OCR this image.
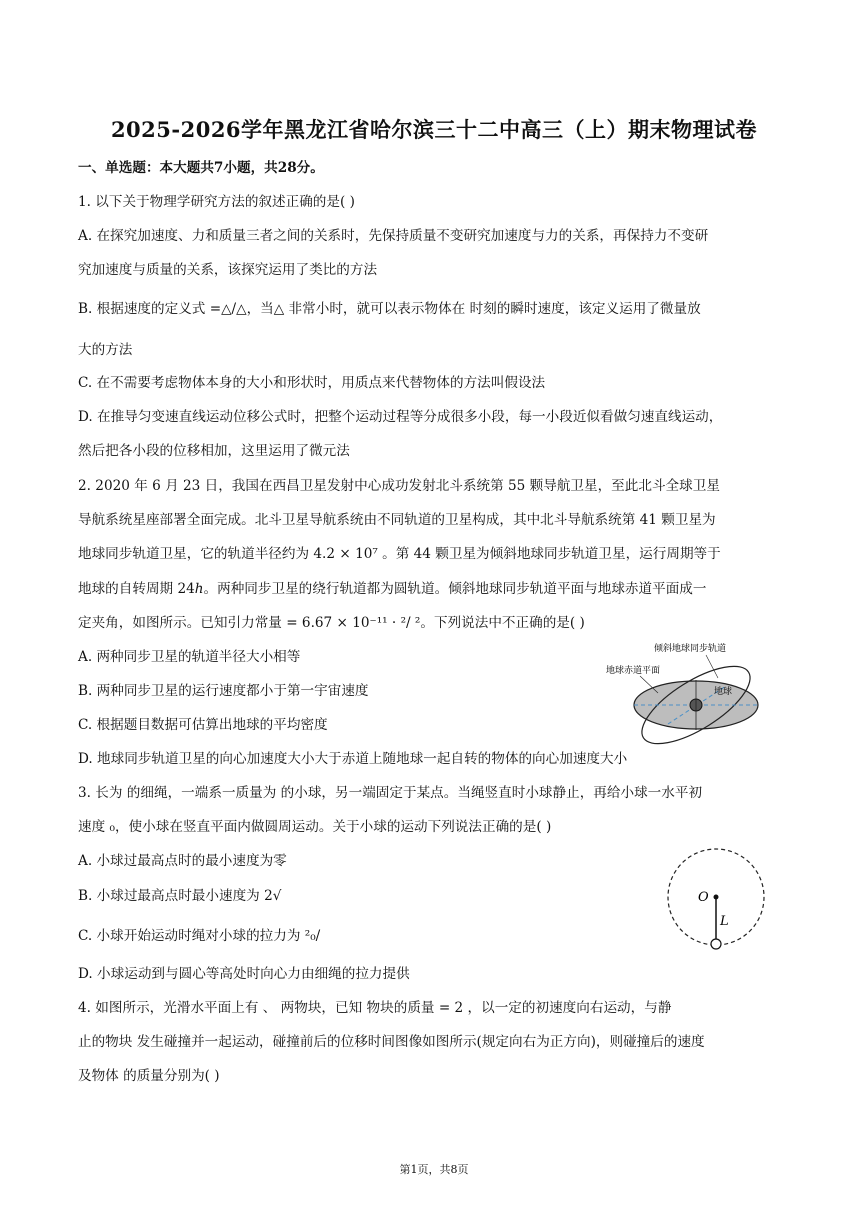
2025-2026学年黑龙江省哈尔滨三十二中高三（上）期末物理试卷
一、单选题：本大题共7小题，共28分。
1. 以下关于物理学研究方法的叙述正确的是( )
A. 在探究加速度、力和质量三者之间的关系时，先保持质量不变研究加速度与力的关系，再保持力不变研
究加速度与质量的关系，该探究运用了类比的方法
B. 根据速度的定义式 =△/△，当△ 非常小时，就可以表示物体在 时刻的瞬时速度，该定义运用了微量放
大的方法
C. 在不需要考虑物体本身的大小和形状时，用质点来代替物体的方法叫假设法
D. 在推导匀变速直线运动位移公式时，把整个运动过程等分成很多小段，每一小段近似看做匀速直线运动，
然后把各小段的位移相加，这里运用了微元法
2. 2020 年 6 月 23 日，我国在西昌卫星发射中心成功发射北斗系统第 55 颗导航卫星，至此北斗全球卫星
导航系统星座部署全面完成。北斗卫星导航系统由不同轨道的卫星构成，其中北斗导航系统第 41 颗卫星为
地球同步轨道卫星，它的轨道半径约为 4.2 × 10⁷ 。第 44 颗卫星为倾斜地球同步轨道卫星，运行周期等于
地球的自转周期 24ℎ。两种同步卫星的绕行轨道都为圆轨道。倾斜地球同步轨道平面与地球赤道平面成一
定夹角，如图所示。已知引力常量 = 6.67 × 10⁻¹¹ · ²/ ²。下列说法中不正确的是( )
A. 两种同步卫星的轨道半径大小相等
B. 两种同步卫星的运行速度都小于第一宇宙速度
C. 根据题目数据可估算出地球的平均密度
D. 地球同步轨道卫星的向心加速度大小大于赤道上随地球一起自转的物体的向心加速度大小
3. 长为 的细绳，一端系一质量为 的小球，另一端固定于某点。当绳竖直时小球静止，再给小球一水平初
速度 ₀，使小球在竖直平面内做圆周运动。关于小球的运动下列说法正确的是( )
A. 小球过最高点时的最小速度为零
B. 小球过最高点时最小速度为 2√
C. 小球开始运动时绳对小球的拉力为 ²₀/
D. 小球运动到与圆心等高处时向心力由细绳的拉力提供
4. 如图所示，光滑水平面上有 、 两物块，已知 物块的质量 = 2 ，以一定的初速度向右运动，与静
止的物块 发生碰撞并一起运动，碰撞前后的位移时间图像如图所示(规定向右为正方向)，则碰撞后的速度
及物体 的质量分别为( )
倾斜地球同步轨道
地球赤道平面
地球
O
L
第1页，共8页
